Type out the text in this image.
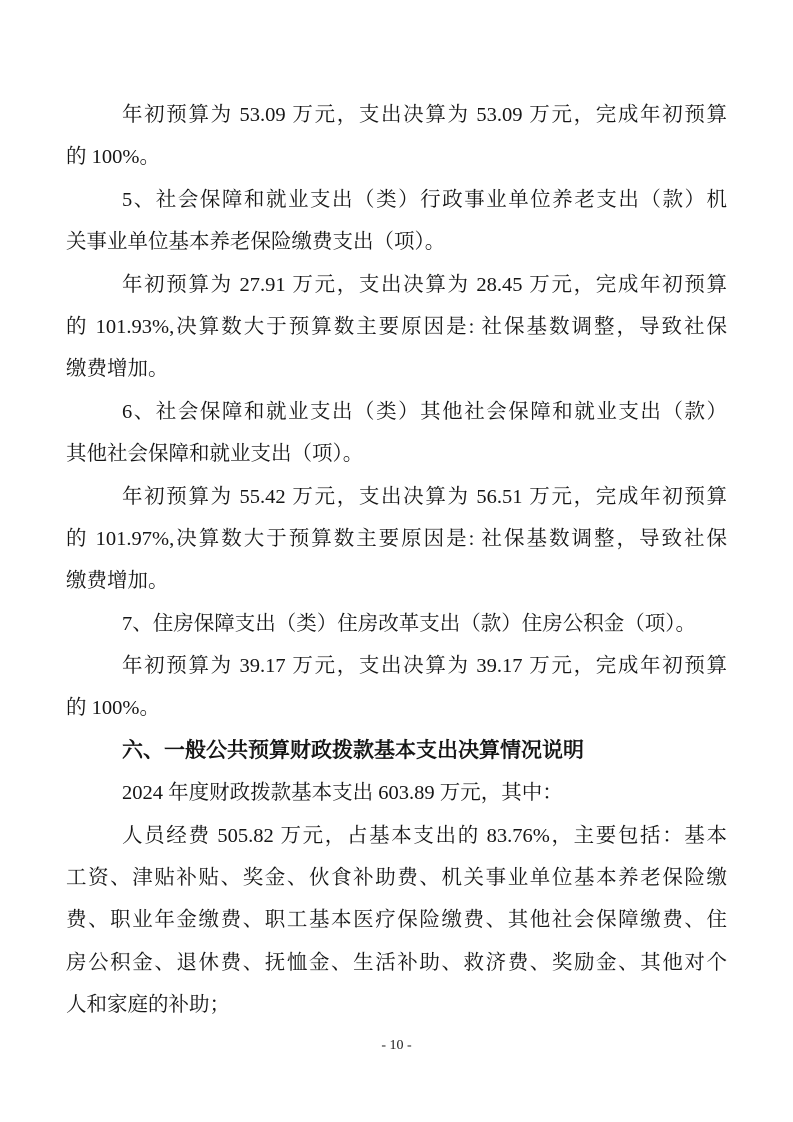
年初预算为 53.09 万元，支出决算为 53.09 万元，完成年初预算
的 100%。
5、社会保障和就业支出（类）行政事业单位养老支出（款）机
关事业单位基本养老保险缴费支出（项）。
年初预算为 27.91 万元，支出决算为 28.45 万元，完成年初预算
的 101.93%,决算数大于预算数主要原因是: 社保基数调整，导致社保
缴费增加。
6、社会保障和就业支出（类）其他社会保障和就业支出（款）
其他社会保障和就业支出（项）。
年初预算为 55.42 万元，支出决算为 56.51 万元，完成年初预算
的 101.97%,决算数大于预算数主要原因是: 社保基数调整，导致社保
缴费增加。
7、住房保障支出（类）住房改革支出（款）住房公积金（项）。
年初预算为 39.17 万元，支出决算为 39.17 万元，完成年初预算
的 100%。
六、一般公共预算财政拨款基本支出决算情况说明
2024 年度财政拨款基本支出 603.89 万元，其中：
人员经费 505.82 万元，占基本支出的 83.76%，主要包括：基本
工资、津贴补贴、奖金、伙食补助费、机关事业单位基本养老保险缴
费、职业年金缴费、职工基本医疗保险缴费、其他社会保障缴费、住
房公积金、退休费、抚恤金、生活补助、救济费、奖励金、其他对个
人和家庭的补助；
- 10 -
